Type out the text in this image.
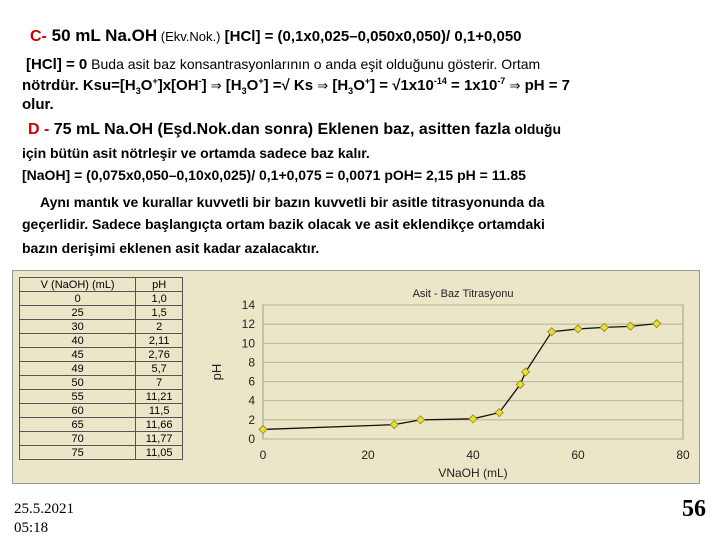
C- 50 mL Na.OH (Ekv.Nok.) [HCl] = (0,1x0,025–0,050x0,050)/ 0,1+0,050
[HCl] = 0 Buda asit baz konsantrasyonlarının o anda eşit olduğunu gösterir. Ortam
nötrdür. $Ksu=[H_3O^+]x[OH^-]$ ⇒ $[H_3O^+]$ =√ Ks ⇒ $[H_3O^+] = √1x10^{-14} = 1x10^{-7}$ ⇒ pH = 7
olur.
D - 75 mL Na.OH (Eşd.Nok.dan sonra) Eklenen baz, asitten fazla olduğu
için bütün asit nötrleşir ve ortamda sadece baz kalır.
[NaOH] = (0,075x0,050–0,10x0,025)/ 0,1+0,075 = 0,0071 pOH= 2,15 pH = 11.85
Aynı mantık ve kurallar kuvvetli bir bazın kuvvetli bir asitle titrasyonunda da
geçerlidir. Sadece başlangıçta ortam bazik olacak ve asit eklendikçe ortamdaki
bazın derişimi eklenen asit kadar azalacaktır.
V (NaOH) (mL)	pH
0	1,0
25	1,5
30	2
40	2,11
45	2,76
49	5,7
50	7
55	11,21
60	11,5
65	11,66
70	11,77
75	11,05
0
2
4
6
8
10
12
14
0	20	40	60	80
Asit - Baz Titrasyonu
pH
VNaOH (mL)
25.5.2021
05:18
56
